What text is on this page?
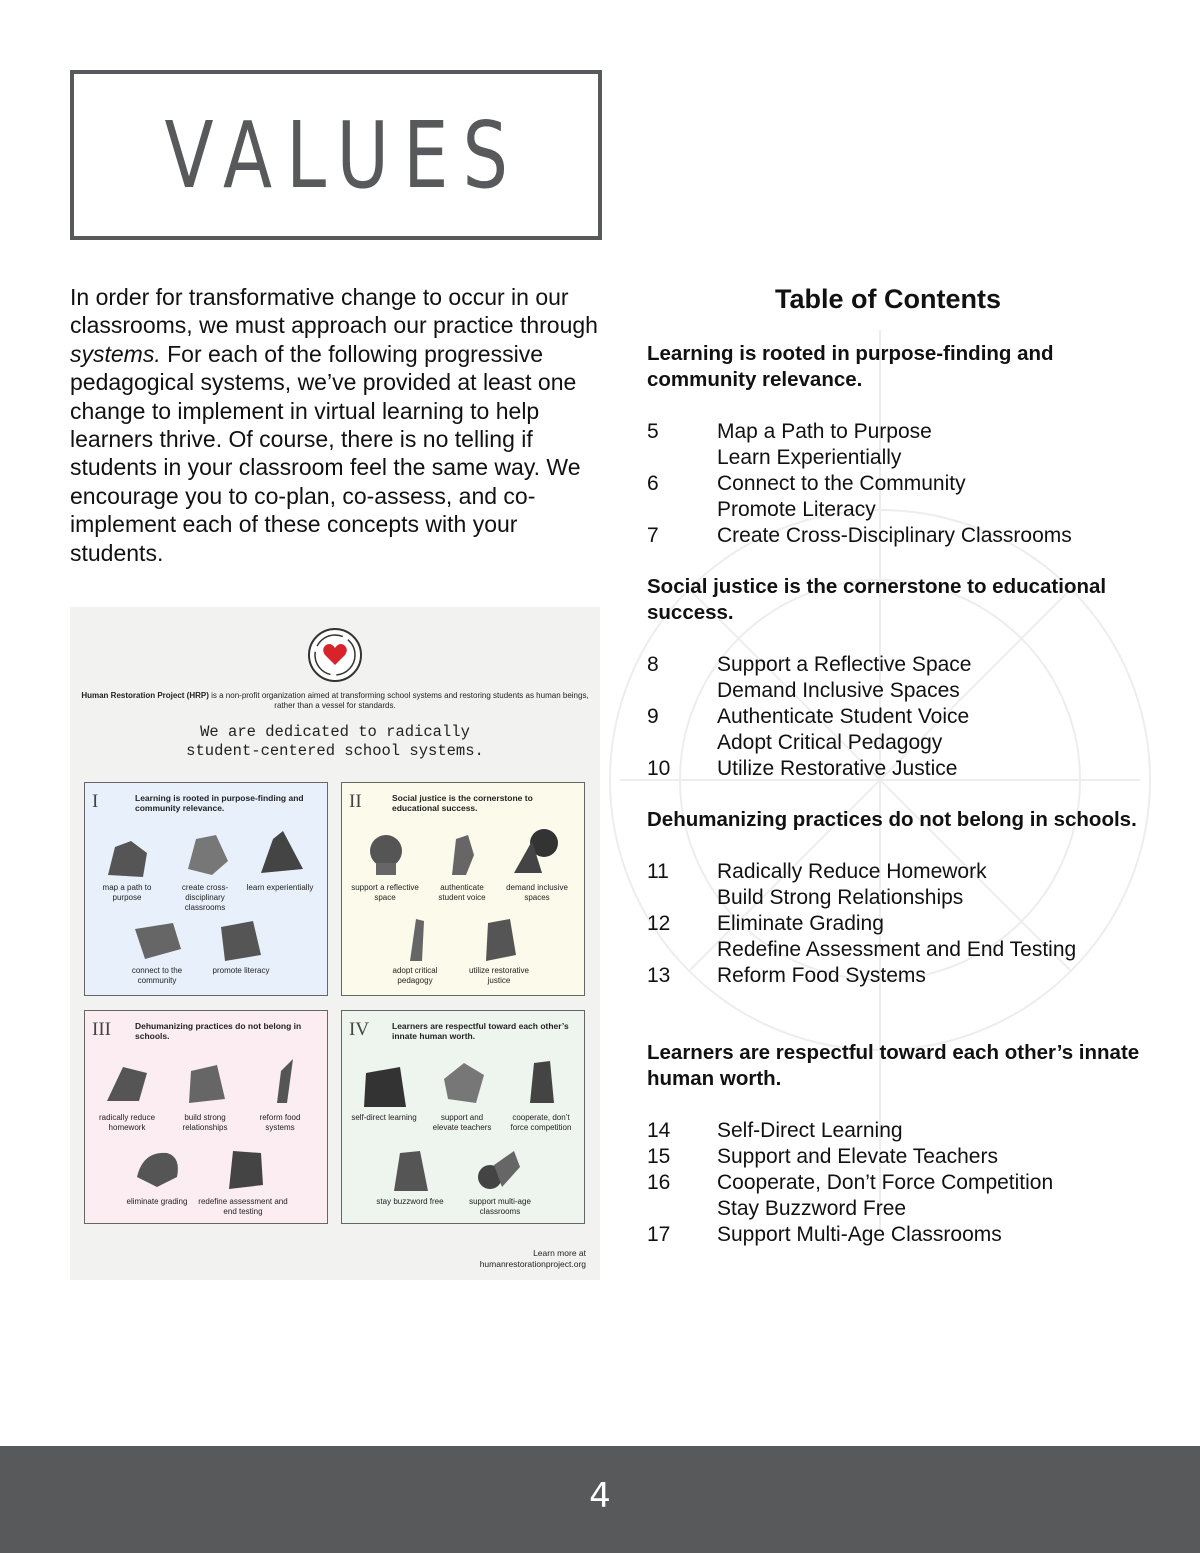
VALUES
In order for transformative change to occur in our classrooms, we must approach our practice through systems. For each of the following progressive pedagogical systems, we’ve provided at least one change to implement in virtual learning to help learners thrive. Of course, there is no telling if students in your classroom feel the same way. We encourage you to co-plan, co-assess, and co-implement each of these concepts with your students.
Human Restoration Project (HRP) is a non-profit organization aimed at transforming school systems and restoring students as human beings, rather than a vessel for standards.
We are dedicated to radically
student-centered school systems.
I	Learning is rooted in purpose-finding and community relevance.
map a path to purpose
create cross-disciplinary classrooms
learn experientially
connect to the community
promote literacy
II	Social justice is the cornerstone to educational success.
support a reflective space
authenticate student voice
demand inclusive spaces
adopt critical pedagogy
utilize restorative justice
III	Dehumanizing practices do not belong in schools.
radically reduce homework
build strong relationships
reform food systems
eliminate grading	redefine assessment and end testing
IV	Learners are respectful toward each other’s innate human worth.
self-direct learning	support and elevate teachers
cooperate, don’t force competition
stay buzzword free	support multi-age classrooms
Learn more at
humanrestorationproject.org
Table of Contents
Learning is rooted in purpose-finding and community relevance.
5	Map a Path to Purpose
Learn Experientially
6	Connect to the Community
Promote Literacy
7	Create Cross-Disciplinary Classrooms
Social justice is the cornerstone to educational success.
8	Support a Reflective Space
Demand Inclusive Spaces
9	Authenticate Student Voice
Adopt Critical Pedagogy
10	Utilize Restorative Justice
Dehumanizing practices do not belong in schools.
11	Radically Reduce Homework
Build Strong Relationships
12	Eliminate Grading
Redefine Assessment and End Testing
13	Reform Food Systems
Learners are respectful toward each other’s innate human worth.
14	Self-Direct Learning
15	Support and Elevate Teachers
16	Cooperate, Don’t Force Competition
Stay Buzzword Free
17	Support Multi-Age Classrooms
4
